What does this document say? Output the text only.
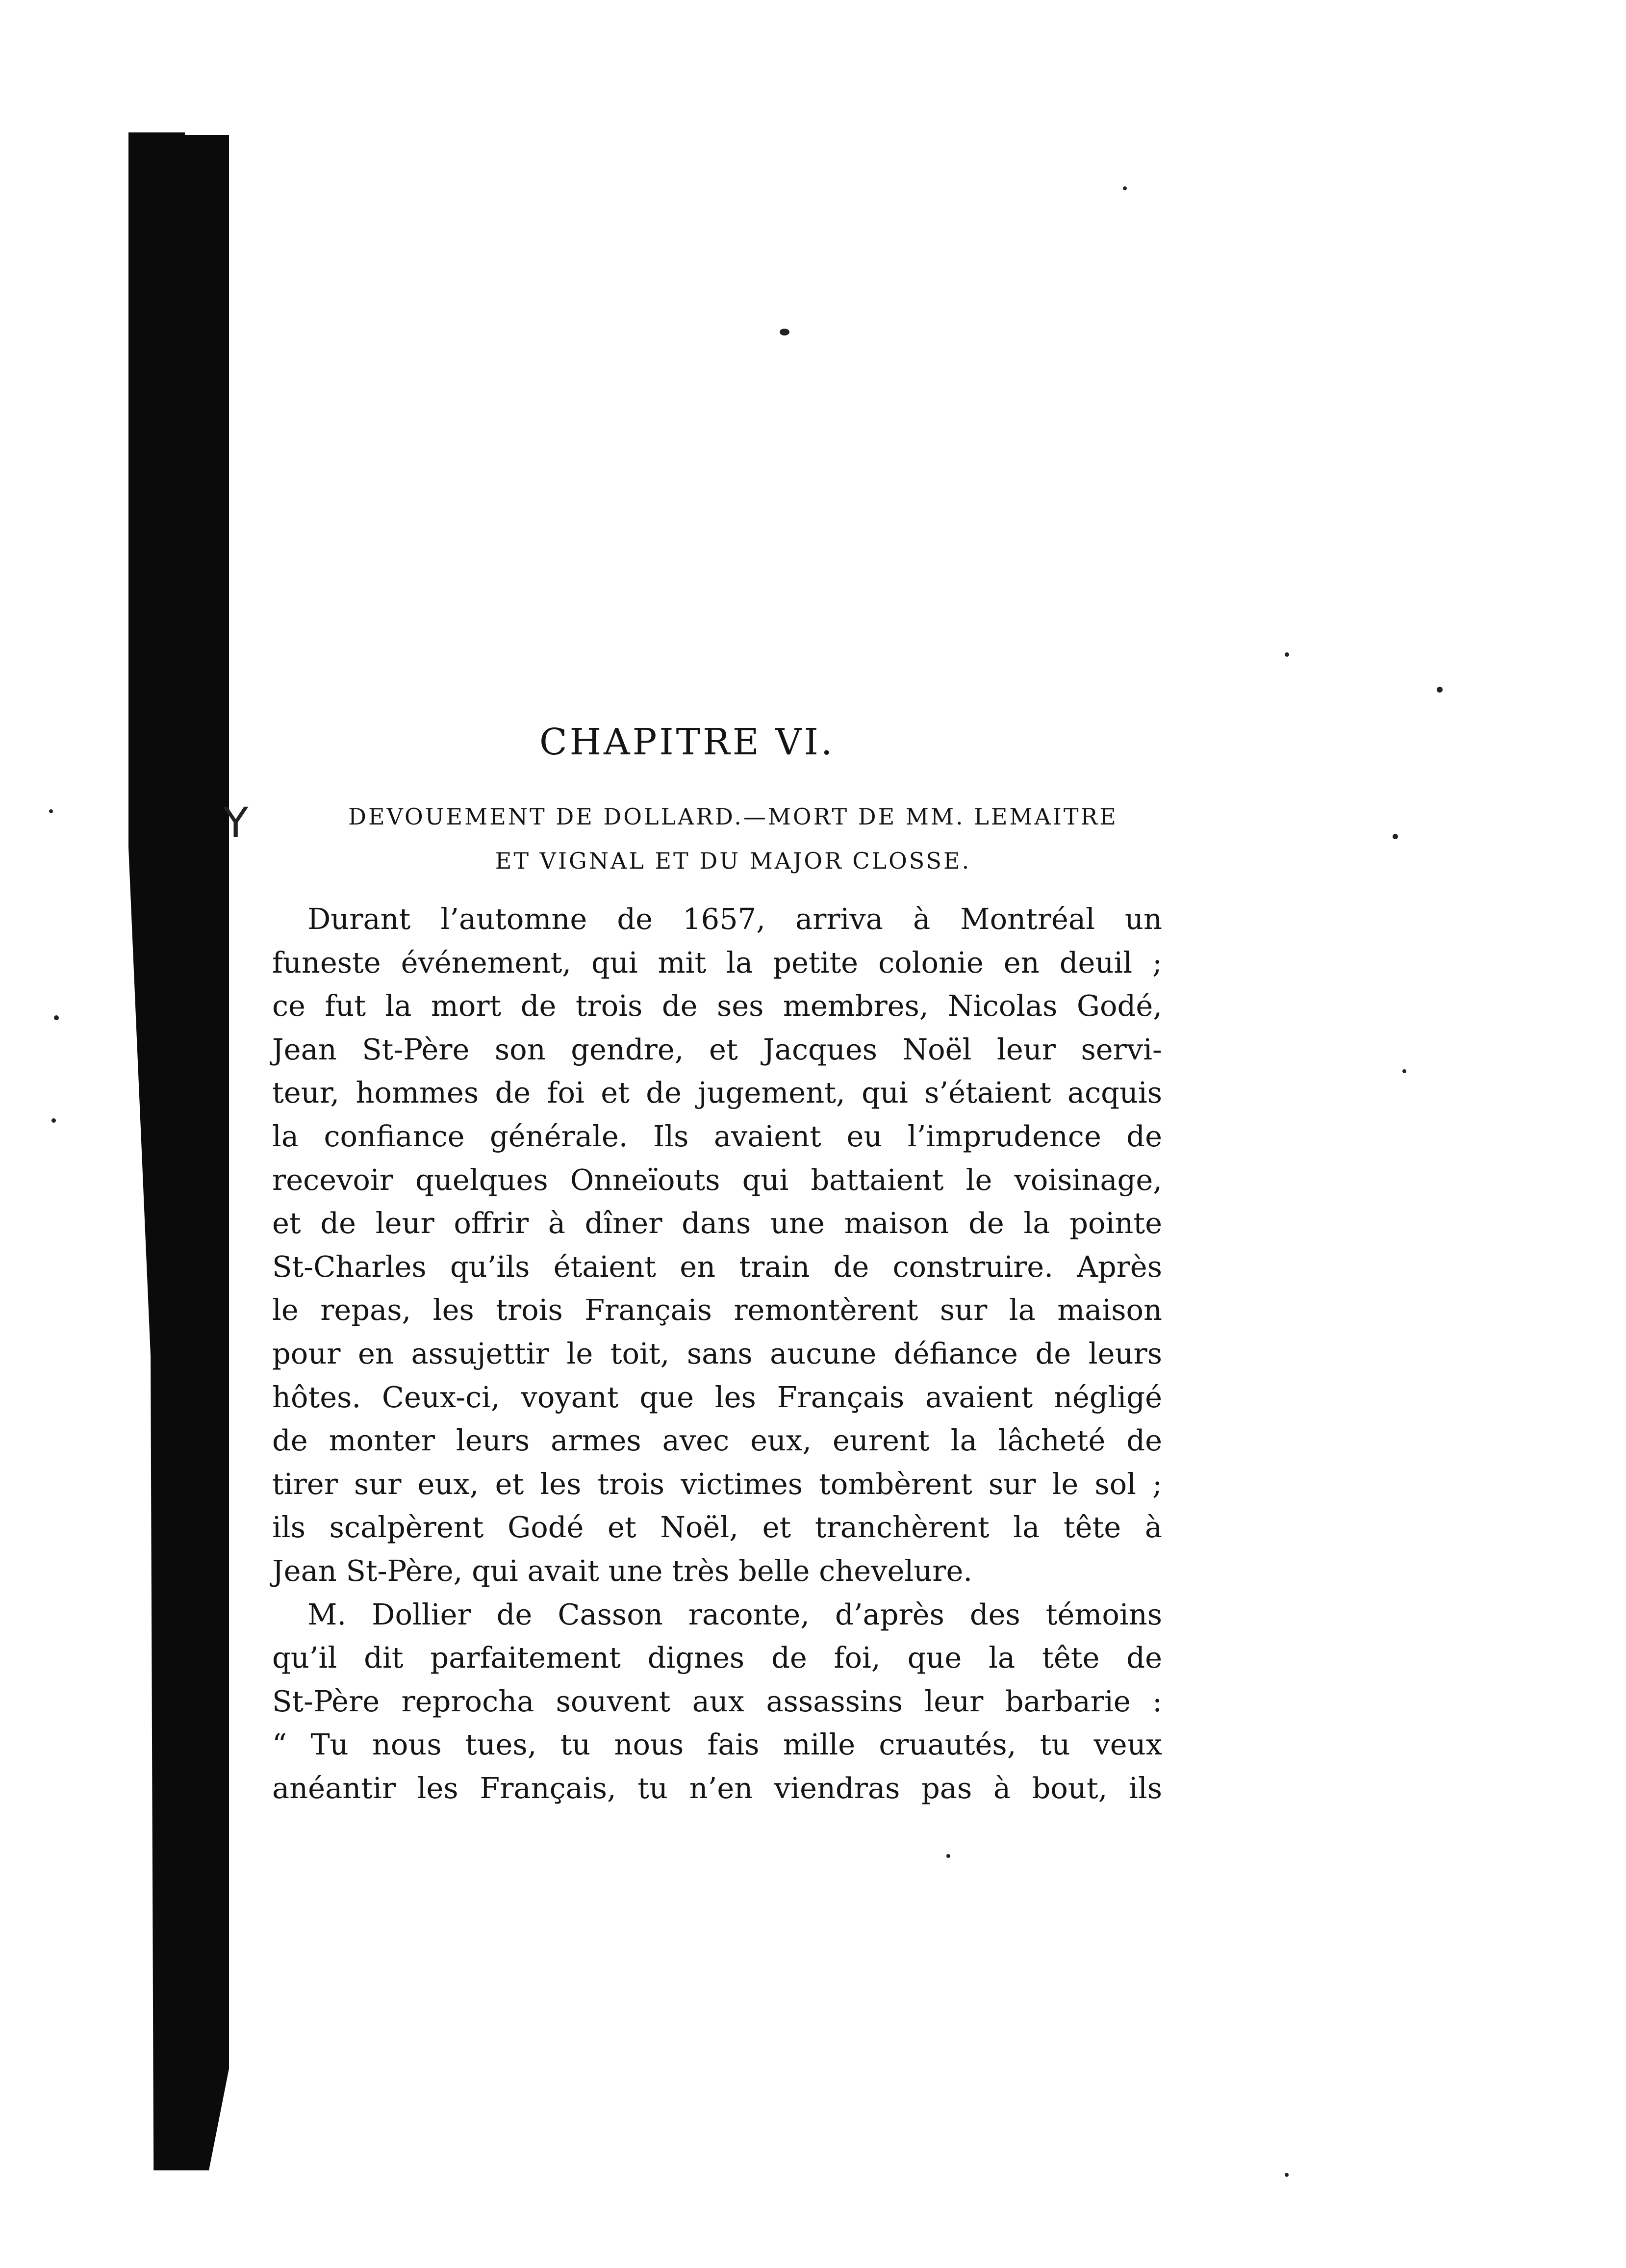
CHAPITRE VI.
Y	DEVOUEMENT DE DOLLARD.—MORT DE MM. LEMAITRE
ET VIGNAL ET DU MAJOR CLOSSE.
Durant l’automne de 1657, arriva à Montréal un
funeste événement, qui mit la petite colonie en deuil ;
ce fut la mort de trois de ses membres, Nicolas Godé,
Jean St-Père son gendre, et Jacques Noël leur servi-
teur, hommes de foi et de jugement, qui s’étaient acquis
la confiance générale. Ils avaient eu l’imprudence de
recevoir quelques Onneïouts qui battaient le voisinage,
et de leur offrir à dîner dans une maison de la pointe
St-Charles qu’ils étaient en train de construire. Après
le repas, les trois Français remontèrent sur la maison
pour en assujettir le toit, sans aucune défiance de leurs
hôtes. Ceux-ci, voyant que les Français avaient négligé
de monter leurs armes avec eux, eurent la lâcheté de
tirer sur eux, et les trois victimes tombèrent sur le sol ;
ils scalpèrent Godé et Noël, et tranchèrent la tête à
Jean St-Père, qui avait une très belle chevelure.
M. Dollier de Casson raconte, d’après des témoins
qu’il dit parfaitement dignes de foi, que la tête de
St-Père reprocha souvent aux assassins leur barbarie :
“ Tu nous tues, tu nous fais mille cruautés, tu veux
anéantir les Français, tu n’en viendras pas à bout, ils
